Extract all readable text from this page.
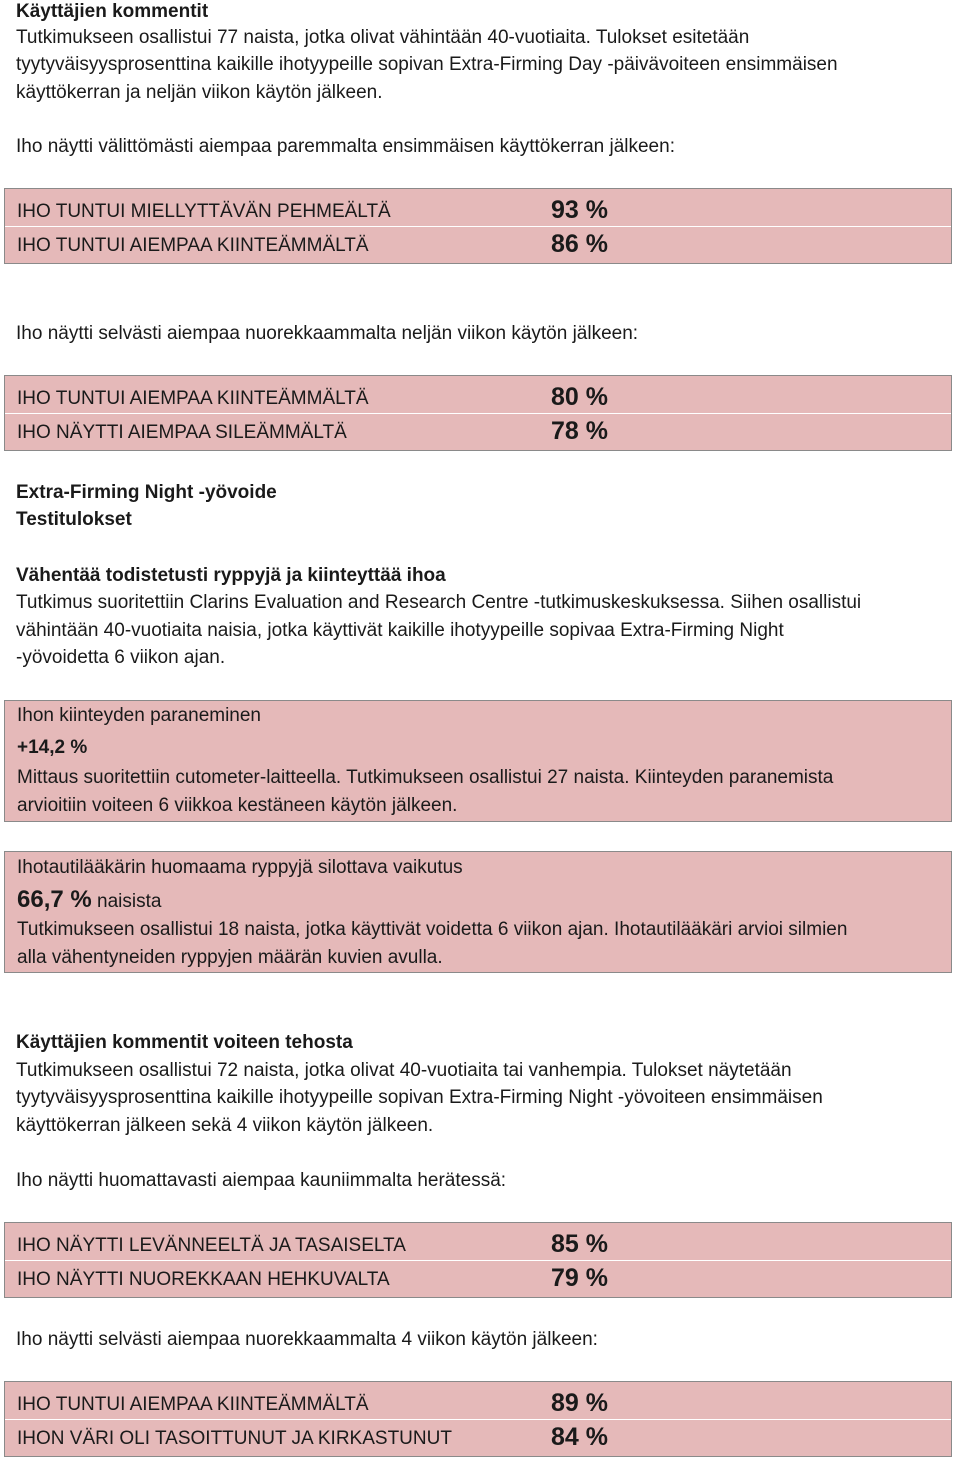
Käyttäjien kommentit
Tutkimukseen osallistui 77 naista, jotka olivat vähintään 40-vuotiaita. Tulokset esitetään
tyytyväisyysprosenttina kaikille ihotyypeille sopivan Extra-Firming Day -päivävoiteen ensimmäisen
käyttökerran ja neljän viikon käytön jälkeen.
Iho näytti välittömästi aiempaa paremmalta ensimmäisen käyttökerran jälkeen:
IHO TUNTUI MIELLYTTÄVÄN PEHMEÄLTÄ	93 %
IHO TUNTUI AIEMPAA KIINTEÄMMÄLTÄ	86 %
Iho näytti selvästi aiempaa nuorekkaammalta neljän viikon käytön jälkeen:
IHO TUNTUI AIEMPAA KIINTEÄMMÄLTÄ	80 %
IHO NÄYTTI AIEMPAA SILEÄMMÄLTÄ	78 %
Extra-Firming Night -yövoide
Testitulokset
Vähentää todistetusti ryppyjä ja kiinteyttää ihoa
Tutkimus suoritettiin Clarins Evaluation and Research Centre -tutkimuskeskuksessa. Siihen osallistui
vähintään 40-vuotiaita naisia, jotka käyttivät kaikille ihotyypeille sopivaa Extra-Firming Night
-yövoidetta 6 viikon ajan.
Ihon kiinteyden paraneminen
+14,2 %
Mittaus suoritettiin cutometer-laitteella. Tutkimukseen osallistui 27 naista. Kiinteyden paranemista
arvioitiin voiteen 6 viikkoa kestäneen käytön jälkeen.
Ihotautilääkärin huomaama ryppyjä silottava vaikutus
66,7 % naisista
Tutkimukseen osallistui 18 naista, jotka käyttivät voidetta 6 viikon ajan. Ihotautilääkäri arvioi silmien
alla vähentyneiden ryppyjen määrän kuvien avulla.
Käyttäjien kommentit voiteen tehosta
Tutkimukseen osallistui 72 naista, jotka olivat 40-vuotiaita tai vanhempia. Tulokset näytetään
tyytyväisyysprosenttina kaikille ihotyypeille sopivan Extra-Firming Night -yövoiteen ensimmäisen
käyttökerran jälkeen sekä 4 viikon käytön jälkeen.
Iho näytti huomattavasti aiempaa kauniimmalta herätessä:
IHO NÄYTTI LEVÄNNEELTÄ JA TASAISELTA	85 %
IHO NÄYTTI NUOREKKAAN HEHKUVALTA	79 %
Iho näytti selvästi aiempaa nuorekkaammalta 4 viikon käytön jälkeen:
IHO TUNTUI AIEMPAA KIINTEÄMMÄLTÄ	89 %
IHON VÄRI OLI TASOITTUNUT JA KIRKASTUNUT	84 %
